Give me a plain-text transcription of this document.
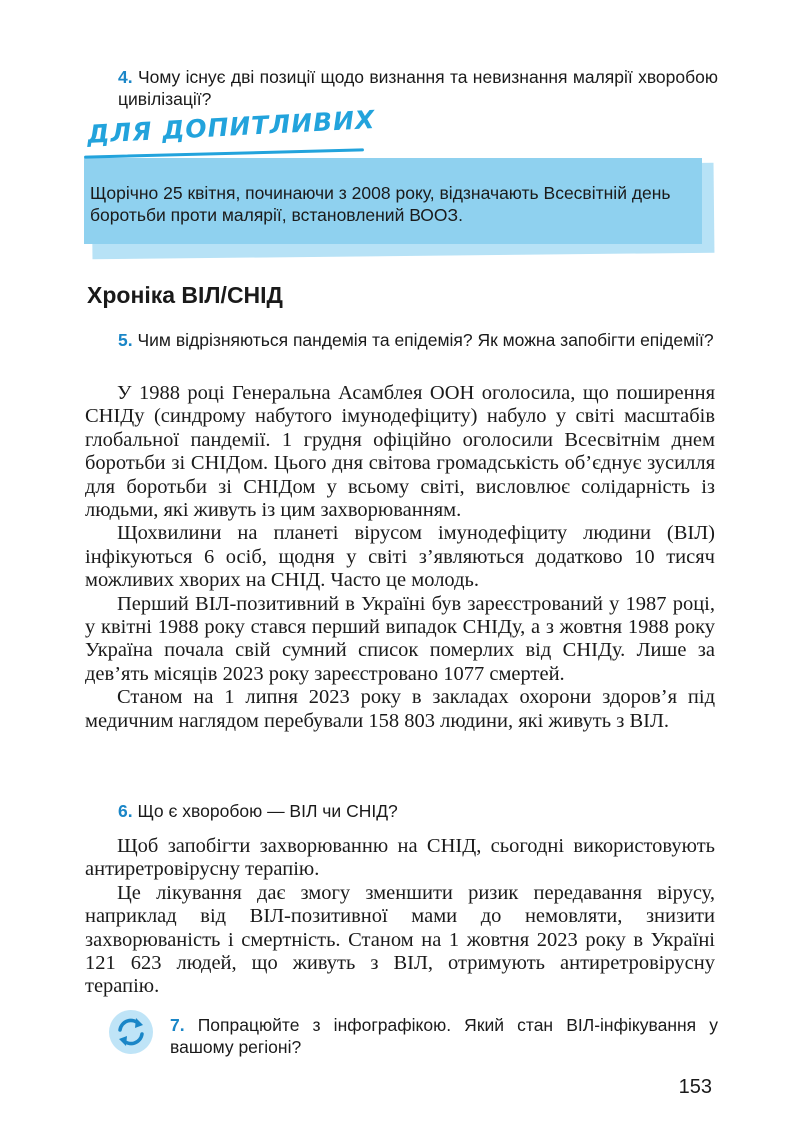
4. Чому існує дві позиції щодо визнання та невизнання малярії хворобою цивілізації?
ДЛЯ ДОПИТЛИВИХ
Щорічно 25 квітня, починаючи з 2008 року, відзначають Всесвітній день боротьби проти малярії, встановлений ВООЗ.
Хроніка ВІЛ/СНІД
5. Чим відрізняються пандемія та епідемія? Як можна запобігти епідемії?

У 1988 році Генеральна Асамблея ООН оголосила, що поширення СНІДу (синдрому набутого імунодефіциту) набуло у світі масштабів глобальної пандемії. 1 грудня офіційно оголосили Всесвітнім днем боротьби зі СНІДом. Цього дня світова громадськість об’єднує зусилля для боротьби зі СНІДом у всьому світі, висловлює солідарність із людьми, які живуть із цим захворюванням.

Щохвилини на планеті вірусом імунодефіциту людини (ВІЛ) інфікуються 6 осіб, щодня у світі з’являються додатково 10 тисяч можливих хворих на СНІД. Часто це молодь.

Перший ВІЛ-позитивний в Україні був зареєстрований у 1987 році, у квітні 1988 року стався перший випадок СНІДу, а з жовтня 1988 року Україна почала свій сумний список померлих від СНІДу. Лише за дев’ять місяців 2023 року зареєстровано 1077 смертей.

Станом на 1 липня 2023 року в закладах охорони здоров’я під медичним наглядом перебували 158 803 людини, які живуть з ВІЛ.

6. Що є хворобою — ВІЛ чи СНІД?

Щоб запобігти захворюванню на СНІД, сьогодні використовують антиретровірусну терапію.

Це лікування дає змогу зменшити ризик передавання вірусу, наприклад від ВІЛ-позитивної мами до немовляти, знизити захворюваність і смертність. Станом на 1 жовтня 2023 року в Україні 121 623 людей, що живуть з ВІЛ, отримують антиретровірусну терапію.

7. Попрацюйте з інфографікою. Який стан ВІЛ-інфікування у вашому регіоні?
153
